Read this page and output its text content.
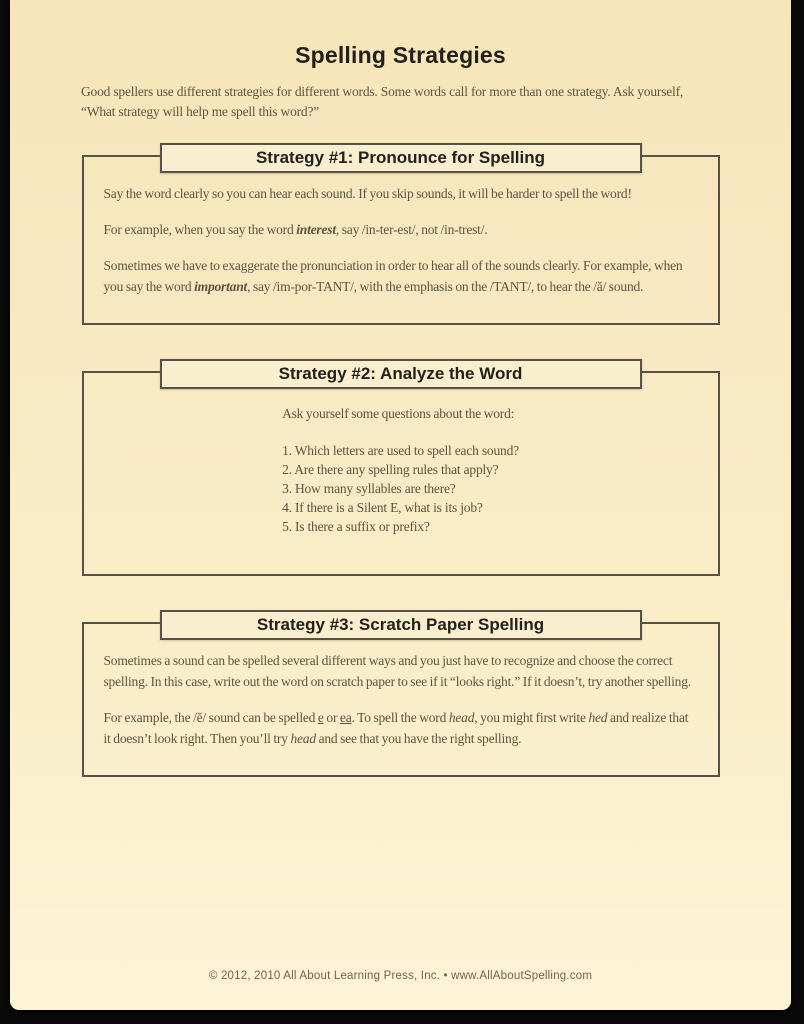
Spelling Strategies

Good spellers use different strategies for different words. Some words call for more than one strategy. Ask yourself, “What strategy will help me spell this word?”

Strategy #1: Pronounce for Spelling

Say the word clearly so you can hear each sound. If you skip sounds, it will be harder to spell the word!

For example, when you say the word interest, say /in-ter-est/, not /in-trest/.

Sometimes we have to exaggerate the pronunciation in order to hear all of the sounds clearly. For example, when you say the word important, say /im-por-TANT/, with the emphasis on the /TANT/, to hear the /ă/ sound.

Strategy #2: Analyze the Word

Ask yourself some questions about the word:

1. Which letters are used to spell each sound?

2. Are there any spelling rules that apply?

3. How many syllables are there?

4. If there is a Silent E, what is its job?

5. Is there a suffix or prefix?

Strategy #3: Scratch Paper Spelling

Sometimes a sound can be spelled several different ways and you just have to recognize and choose the correct spelling. In this case, write out the word on scratch paper to see if it “looks right.” If it doesn’t, try another spelling.

For example, the /ĕ/ sound can be spelled e or ea. To spell the word head, you might first write hed and realize that it doesn’t look right. Then you’ll try head and see that you have the right spelling.

© 2012, 2010 All About Learning Press, Inc. • www.AllAboutSpelling.com
